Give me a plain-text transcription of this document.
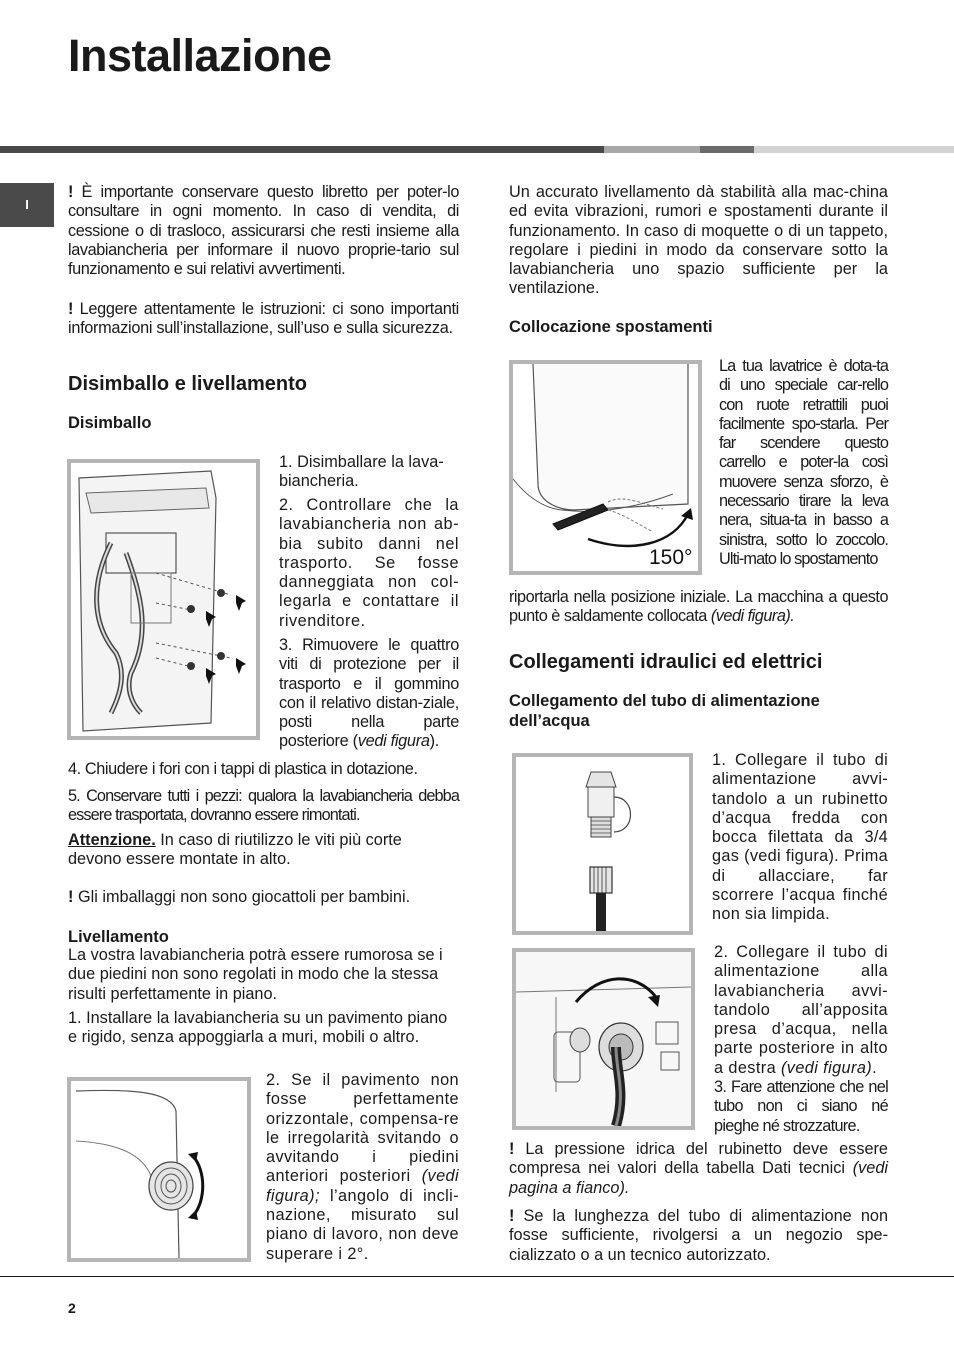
Installazione
I

! È importante conservare questo libretto per poter-lo consultare in ogni momento. In caso di vendita, di cessione o di trasloco, assicurarsi che resti insieme alla lavabiancheria per informare il nuovo proprie-tario sul funzionamento e sui relativi avvertimenti.

! Leggere attentamente le istruzioni: ci sono importanti informazioni sull’installazione, sull’uso e sulla sicurezza.

Disimballo e livellamento
Disimballo

1. Disimballare la lava-biancheria.

2. Controllare che la lavabiancheria non ab-bia subito danni nel trasporto. Se fosse danneggiata non col-legarla e contattare il rivenditore.

3. Rimuovere le quattro viti di protezione per il trasporto e il gommino con il relativo distan-ziale, posti nella parte posteriore (vedi figura).

4. Chiudere i fori con i tappi di plastica in dotazione.

5. Conservare tutti i pezzi: qualora la lavabiancheria debba essere trasportata, dovranno essere rimontati.

Attenzione. In caso di riutilizzo le viti più corte devono essere montate in alto.

! Gli imballaggi non sono giocattoli per bambini.

Livellamento

La vostra lavabiancheria potrà essere rumorosa se i due piedini non sono regolati in modo che la stessa risulti perfettamente in piano.

1. Installare la lavabiancheria su un pavimento piano e rigido, senza appoggiarla a muri, mobili o altro.

2. Se il pavimento non fosse perfettamente orizzontale, compensa-re le irregolarità svitando o avvitando i piedini anteriori posteriori (vedi figura); l’angolo di incli-nazione, misurato sul piano di lavoro, non deve superare i 2°.

Un accurato livellamento dà stabilità alla mac-china ed evita vibrazioni, rumori e spostamenti durante il funzionamento. In caso di moquette o di un tappeto, regolare i piedini in modo da conservare sotto la lavabiancheria uno spazio sufficiente per la ventilazione.

Collocazione spostamenti
150°

La tua lavatrice è dota-ta di uno speciale car-rello con ruote retrattili puoi facilmente spo-starla. Per far scendere questo carrello e poter-la così muovere senza sforzo, è necessario tirare la leva nera, situa-ta in basso a sinistra, sotto lo zoccolo. Ulti-mato lo spostamento

riportarla nella posizione iniziale. La macchina a questo punto è saldamente collocata (vedi figura).

Collegamenti idraulici ed elettrici
Collegamento del tubo di alimentazione dell’acqua

1. Collegare il tubo di alimentazione avvi-tandolo a un rubinetto d’acqua fredda con bocca filettata da 3/4 gas (vedi figura). Prima di allacciare, far scorrere l’acqua finché non sia limpida.

2. Collegare il tubo di alimentazione alla lavabiancheria avvi-tandolo all’apposita presa d’acqua, nella parte posteriore in alto a destra (vedi figura).

3. Fare attenzione che nel tubo non ci siano né pieghe né strozzature.

! La pressione idrica del rubinetto deve essere compresa nei valori della tabella Dati tecnici (vedi pagina a fianco).

! Se la lunghezza del tubo di alimentazione non fosse sufficiente, rivolgersi a un negozio spe-cializzato o a un tecnico autorizzato.

2
